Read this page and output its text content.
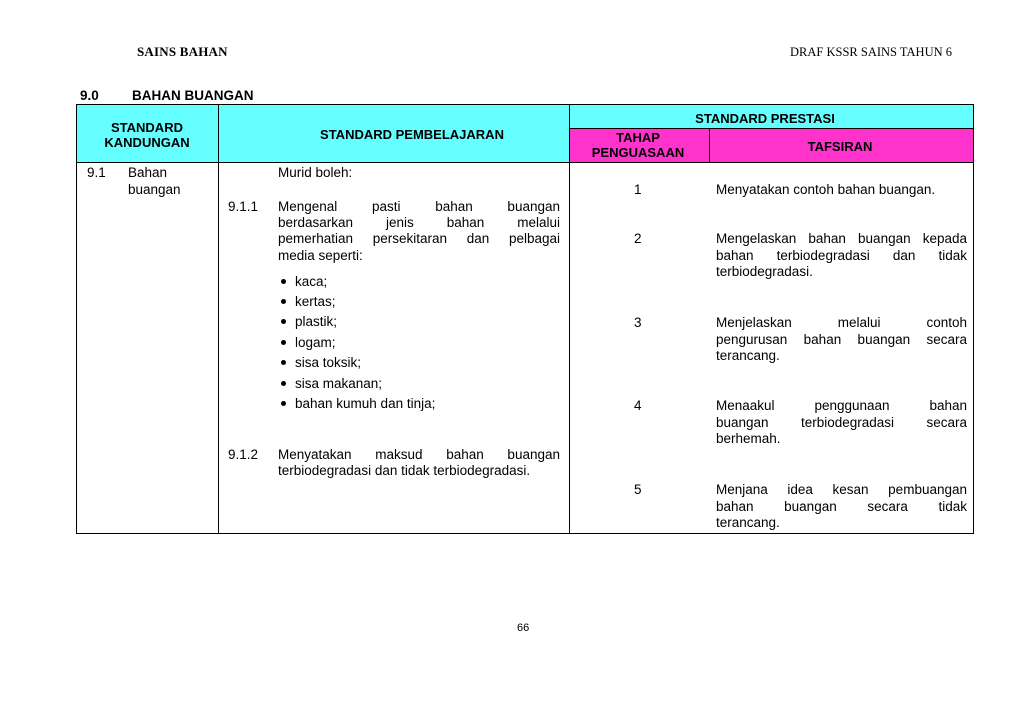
SAINS BAHAN	DRAF KSSR SAINS TAHUN 6
9.0 BAHAN BUANGAN
STANDARD
KANDUNGAN
STANDARD PEMBELAJARAN
STANDARD PRESTASI
TAHAP
PENGUASAAN	TAFSIRAN
9.1 Bahan
buangan
Murid boleh:
9.1.1 Mengenal pasti bahan buangan
berdasarkan jenis bahan melalui
pemerhatian persekitaran dan pelbagai
media seperti:
kaca;
kertas;
plastik;
logam;
sisa toksik;
sisa makanan;
bahan kumuh dan tinja;
9.1.2 Menyatakan maksud bahan buangan
terbiodegradasi dan tidak terbiodegradasi.
1
2
3
4
5
Menyatakan contoh bahan buangan.
Mengelaskan bahan buangan kepada
bahan terbiodegradasi dan tidak
terbiodegradasi.
Menjelaskan melalui contoh
pengurusan bahan buangan secara
terancang.
Menaakul penggunaan bahan
buangan terbiodegradasi secara
berhemah.
Menjana idea kesan pembuangan
bahan buangan secara tidak
terancang.
66
